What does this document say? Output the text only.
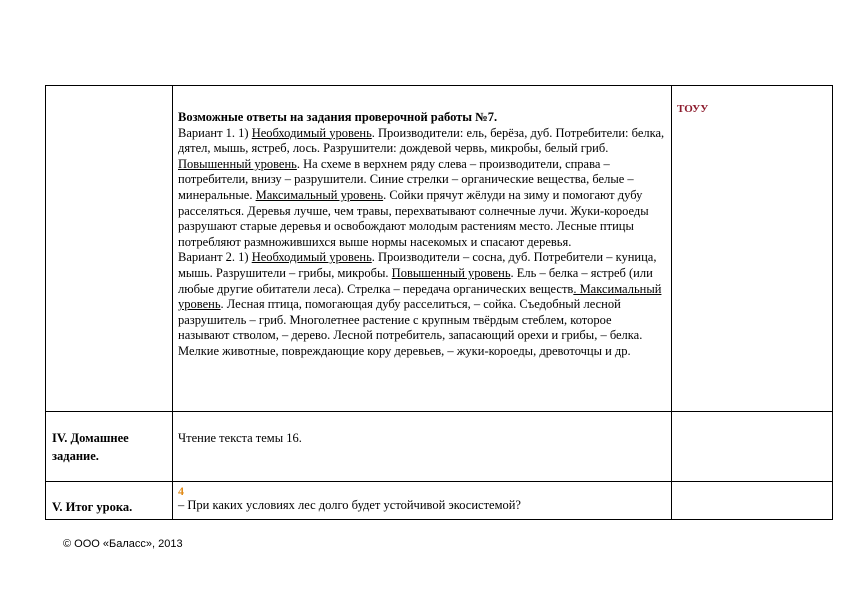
	Возможные ответы на задания проверочной работы №7.

Вариант 1. 1) Необходимый уровень. Производители: ель, берёза, дуб. Потребители: белка, дятел, мышь, ястреб, лось. Разрушители: дождевой червь, микробы, белый гриб. Повышенный уровень. На схеме в верхнем ряду слева – производители, справа – потребители, внизу – разрушители. Синие стрелки – органические вещества, белые – минеральные. Максимальный уровень. Сойки прячут жёлуди на зиму и помогают дубу расселяться. Деревья лучше, чем травы, перехватывают солнечные лучи. Жуки-короеды разрушают старые деревья и освобождают молодым растениям место. Лесные птицы потребляют размножившихся выше нормы насекомых и спасают деревья.

Вариант 2. 1) Необходимый уровень. Производители – сосна, дуб. Потребители – куница, мышь. Разрушители – грибы, микробы. Повышенный уровень. Ель – белка – ястреб (или любые другие обитатели леса). Стрелка – передача органических веществ. Максимальный уровень. Лесная птица, помогающая дубу расселиться, – сойка. Съедобный лесной разрушитель – гриб. Многолетнее растение с крупным твёрдым стеблем, которое называют стволом, – дерево. Лесной потребитель, запасающий орехи и грибы, – белка. Мелкие животные, повреждающие кору деревьев, – жуки-короеды, древоточцы и др.	ТОУУ

IV. Домашнее
задание.	Чтение текста темы 16.	

V. Итог урока.	4
– При каких условиях лес долго будет устойчивой экосистемой?	

© ООО «Баласс», 2013
